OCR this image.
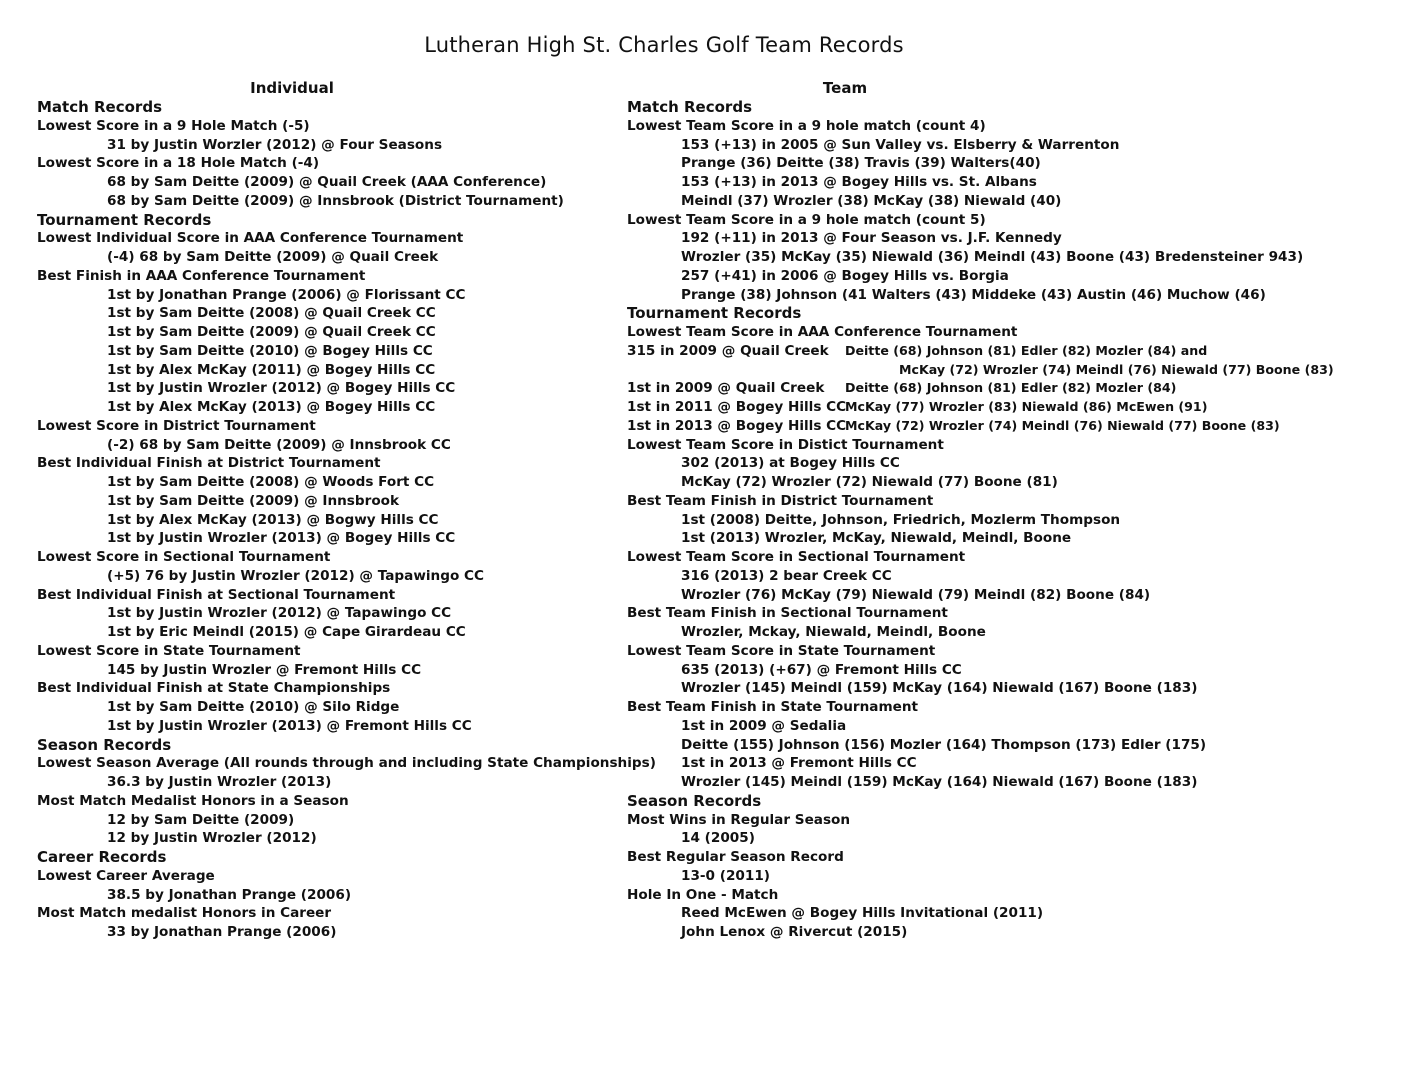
Lutheran High St. Charles Golf Team Records
Individual
Match Records
Lowest Score in a 9 Hole Match (-5)
31 by Justin Worzler (2012) @ Four Seasons
Lowest Score in a 18 Hole Match (-4)
68 by Sam Deitte (2009) @ Quail Creek (AAA Conference)
68 by Sam Deitte (2009) @ Innsbrook (District Tournament)
Tournament Records
Lowest Individual Score in AAA Conference Tournament
(-4) 68 by Sam Deitte (2009) @ Quail Creek
Best Finish in AAA Conference Tournament
1st by Jonathan Prange (2006) @ Florissant CC
1st by Sam Deitte (2008) @ Quail Creek CC
1st by Sam Deitte (2009) @ Quail Creek CC
1st by Sam Deitte (2010) @ Bogey Hills CC
1st by Alex McKay (2011) @ Bogey Hills CC
1st by Justin Wrozler (2012) @ Bogey Hills CC
1st by Alex McKay (2013) @ Bogey Hills CC
Lowest Score in District Tournament
(-2) 68 by Sam Deitte (2009) @ Innsbrook CC
Best Individual Finish at District Tournament
1st by Sam Deitte (2008) @ Woods Fort CC
1st by Sam Deitte (2009) @ Innsbrook
1st by Alex McKay (2013) @ Bogwy Hills CC
1st by Justin Wrozler (2013) @ Bogey Hills CC
Lowest Score in Sectional Tournament
(+5) 76 by Justin Wrozler (2012) @ Tapawingo CC
Best Individual Finish at Sectional Tournament
1st by Justin Wrozler (2012) @ Tapawingo CC
1st by Eric Meindl (2015) @ Cape Girardeau CC
Lowest Score in State Tournament
145 by Justin Wrozler @ Fremont Hills CC
Best Individual Finish at State Championships
1st by Sam Deitte (2010) @ Silo Ridge
1st by Justin Wrozler (2013) @ Fremont Hills CC
Season Records
Lowest Season Average (All rounds through and including State Championships)
36.3 by Justin Wrozler (2013)
Most Match Medalist Honors in a Season
12 by Sam Deitte (2009)
12 by Justin Wrozler (2012)
Career Records
Lowest Career Average
38.5 by Jonathan Prange (2006)
Most Match medalist Honors in Career
33 by Jonathan Prange (2006)
Team
Match Records
Lowest Team Score in a 9 hole match (count 4)
153 (+13) in 2005 @ Sun Valley vs. Elsberry & Warrenton
Prange (36) Deitte (38) Travis (39) Walters(40)
153 (+13) in 2013 @ Bogey Hills vs. St. Albans
Meindl (37) Wrozler (38) McKay (38) Niewald (40)
Lowest Team Score in a 9 hole match (count 5)
192 (+11) in 2013 @ Four Season vs. J.F. Kennedy
Wrozler (35) McKay (35) Niewald (36) Meindl (43) Boone (43) Bredensteiner 943)
257 (+41) in 2006 @ Bogey Hills vs. Borgia
Prange (38) Johnson (41 Walters (43) Middeke (43) Austin (46) Muchow (46)
Tournament Records
Lowest Team Score in AAA Conference Tournament
315 in 2009 @ Quail Creek	Deitte (68) Johnson (81) Edler (82) Mozler (84) and
McKay (72) Wrozler (74) Meindl (76) Niewald (77) Boone (83)
1st in 2009 @ Quail Creek	Deitte (68) Johnson (81) Edler (82) Mozler (84)
1st in 2011 @ Bogey Hills CC
McKay (77) Wrozler (83) Niewald (86) McEwen (91)
1st in 2013 @ Bogey Hills CC
McKay (72) Wrozler (74) Meindl (76) Niewald (77) Boone (83)
Lowest Team Score in Distict Tournament
302 (2013) at Bogey Hills CC
McKay (72) Wrozler (72) Niewald (77) Boone (81)
Best Team Finish in District Tournament
1st (2008) Deitte, Johnson, Friedrich, Mozlerm Thompson
1st (2013) Wrozler, McKay, Niewald, Meindl, Boone
Lowest Team Score in Sectional Tournament
316 (2013) 2 bear Creek CC
Wrozler (76) McKay (79) Niewald (79) Meindl (82) Boone (84)
Best Team Finish in Sectional Tournament
Wrozler, Mckay, Niewald, Meindl, Boone
Lowest Team Score in State Tournament
635 (2013) (+67) @ Fremont Hills CC
Wrozler (145) Meindl (159) McKay (164) Niewald (167) Boone (183)
Best Team Finish in State Tournament
1st in 2009 @ Sedalia
Deitte (155) Johnson (156) Mozler (164) Thompson (173) Edler (175)
1st in 2013 @ Fremont Hills CC
Wrozler (145) Meindl (159) McKay (164) Niewald (167) Boone (183)
Season Records
Most Wins in Regular Season
14 (2005)
Best Regular Season Record
13-0 (2011)
Hole In One - Match
Reed McEwen @ Bogey Hills Invitational (2011)
John Lenox @ Rivercut (2015)
